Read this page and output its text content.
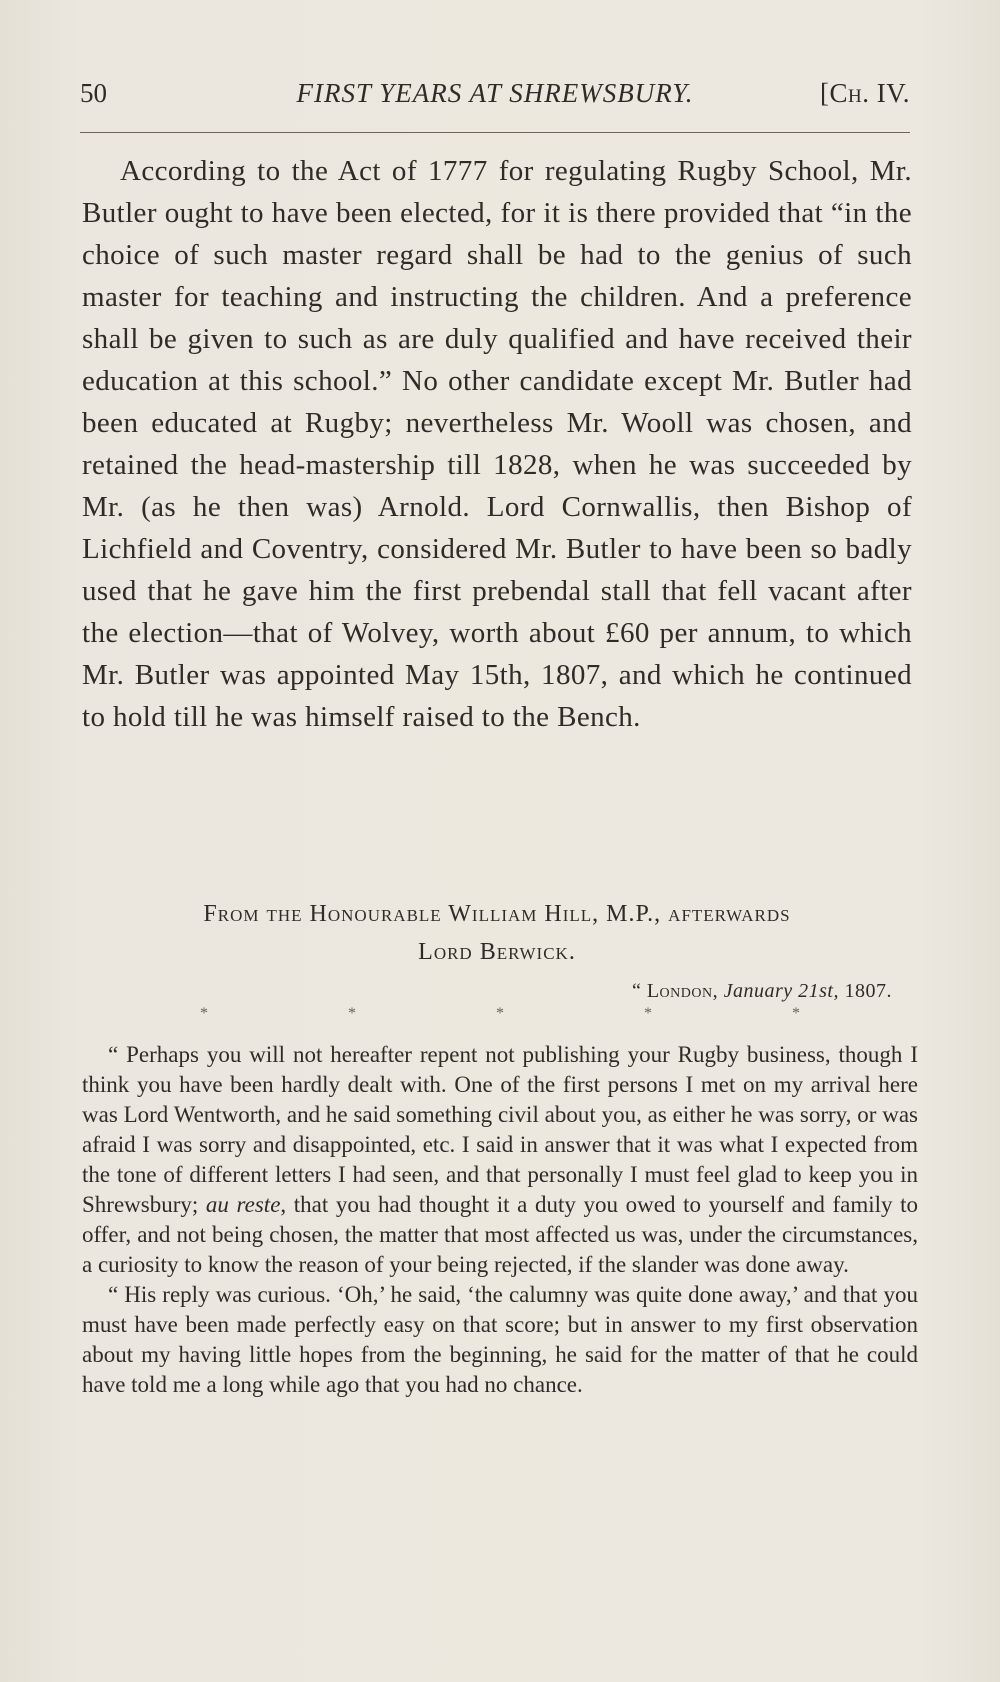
50	FIRST YEARS AT SHREWSBURY.	[Ch. IV.

According to the Act of 1777 for regulating Rugby School, Mr. Butler ought to have been elected, for it is there provided that “in the choice of such master regard shall be had to the genius of such master for teaching and instructing the children. And a preference shall be given to such as are duly qualified and have received their education at this school.” No other candidate except Mr. Butler had been educated at Rugby; nevertheless Mr. Wooll was chosen, and retained the head-mastership till 1828, when he was succeeded by Mr. (as he then was) Arnold. Lord Cornwallis, then Bishop of Lichfield and Coventry, considered Mr. Butler to have been so badly used that he gave him the first prebendal stall that fell vacant after the election—that of Wolvey, worth about £60 per annum, to which Mr. Butler was appointed May 15th, 1807, and which he continued to hold till he was himself raised to the Bench.

From the Honourable William Hill, M.P., afterwards
Lord Berwick.
“ London, January 21st, 1807.
*	*	*	*	*

“ Perhaps you will not hereafter repent not publishing your Rugby business, though I think you have been hardly dealt with. One of the first persons I met on my arrival here was Lord Wentworth, and he said something civil about you, as either he was sorry, or was afraid I was sorry and disappointed, etc. I said in answer that it was what I expected from the tone of different letters I had seen, and that personally I must feel glad to keep you in Shrewsbury; au reste, that you had thought it a duty you owed to yourself and family to offer, and not being chosen, the matter that most affected us was, under the circumstances, a curiosity to know the reason of your being rejected, if the slander was done away.

“ His reply was curious. ‘Oh,’ he said, ‘the calumny was quite done away,’ and that you must have been made perfectly easy on that score; but in answer to my first observation about my having little hopes from the beginning, he said for the matter of that he could have told me a long while ago that you had no chance.
